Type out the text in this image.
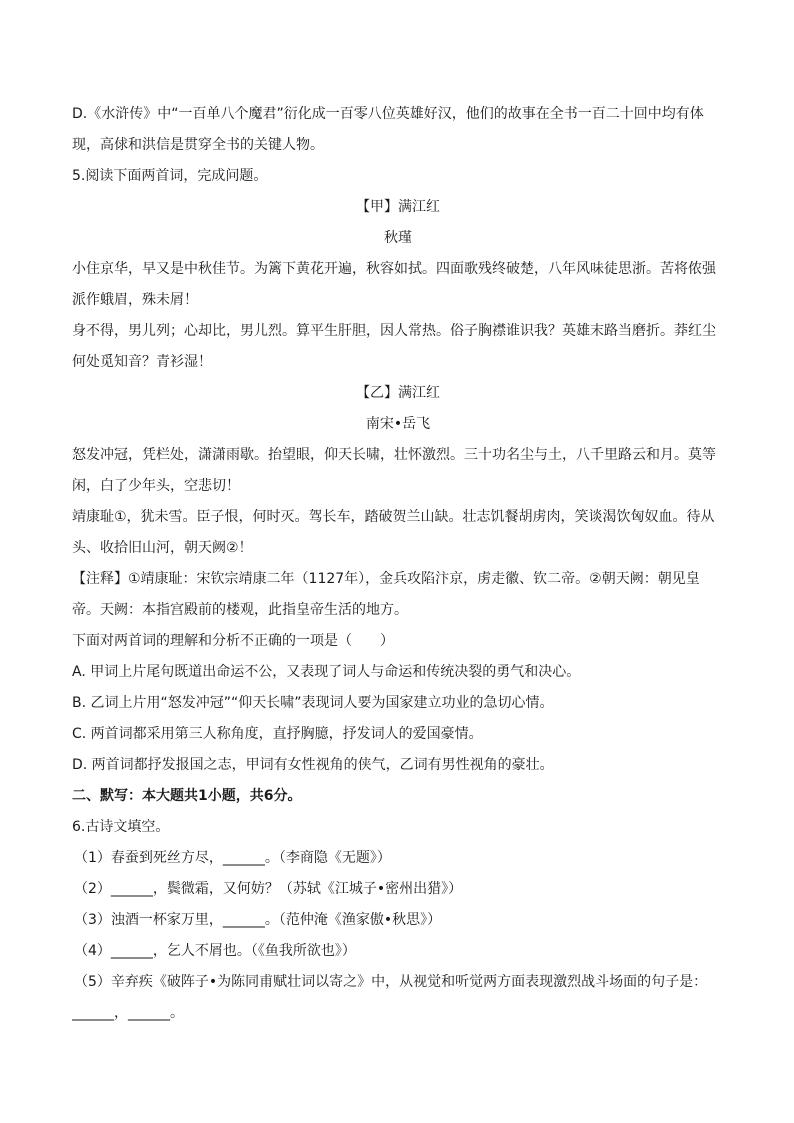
D.《水浒传》中“一百单八个魔君”衍化成一百零八位英雄好汉，他们的故事在全书一百二十回中均有体
现，高俅和洪信是贯穿全书的关键人物。
5.阅读下面两首词，完成问题。
【甲】满江红
秋瑾
小住京华，早又是中秋佳节。为篱下黄花开遍，秋容如拭。四面歌残终破楚，八年风味徒思浙。苦将侬强
派作蛾眉，殊未屑！
身不得，男儿列；心却比，男儿烈。算平生肝胆，因人常热。俗子胸襟谁识我？英雄末路当磨折。莽红尘
何处觅知音？青衫湿！
【乙】满江红
南宋•岳飞
怒发冲冠，凭栏处，潇潇雨歇。抬望眼，仰天长啸，壮怀激烈。三十功名尘与土，八千里路云和月。莫等
闲，白了少年头，空悲切！
靖康耻①，犹未雪。臣子恨，何时灭。驾长车，踏破贺兰山缺。壮志饥餐胡虏肉，笑谈渴饮匈奴血。待从
头、收拾旧山河，朝天阙②！
【注释】①靖康耻：宋钦宗靖康二年（1127年），金兵攻陷汴京，虏走徽、钦二帝。②朝天阙：朝见皇
帝。天阙：本指宫殿前的楼观，此指皇帝生活的地方。
下面对两首词的理解和分析不正确的一项是（　　）
A. 甲词上片尾句既道出命运不公，又表现了词人与命运和传统决裂的勇气和决心。
B. 乙词上片用“怒发冲冠”“仰天长啸”表现词人要为国家建立功业的急切心情。
C. 两首词都采用第三人称角度，直抒胸臆，抒发词人的爱国豪情。
D. 两首词都抒发报国之志，甲词有女性视角的侠气，乙词有男性视角的豪壮。
二、默写：本大题共1小题，共6分。
6.古诗文填空。
（1）春蚕到死丝方尽，______。（李商隐《无题》）
（2）______，鬓微霜，又何妨？（苏轼《江城子•密州出猎》）
（3）浊酒一杯家万里，______。（范仲淹《渔家傲•秋思》）
（4）______，乞人不屑也。（《鱼我所欲也》）
（5）辛弃疾《破阵子•为陈同甫赋壮词以寄之》中，从视觉和听觉两方面表现激烈战斗场面的句子是：
______，______。
